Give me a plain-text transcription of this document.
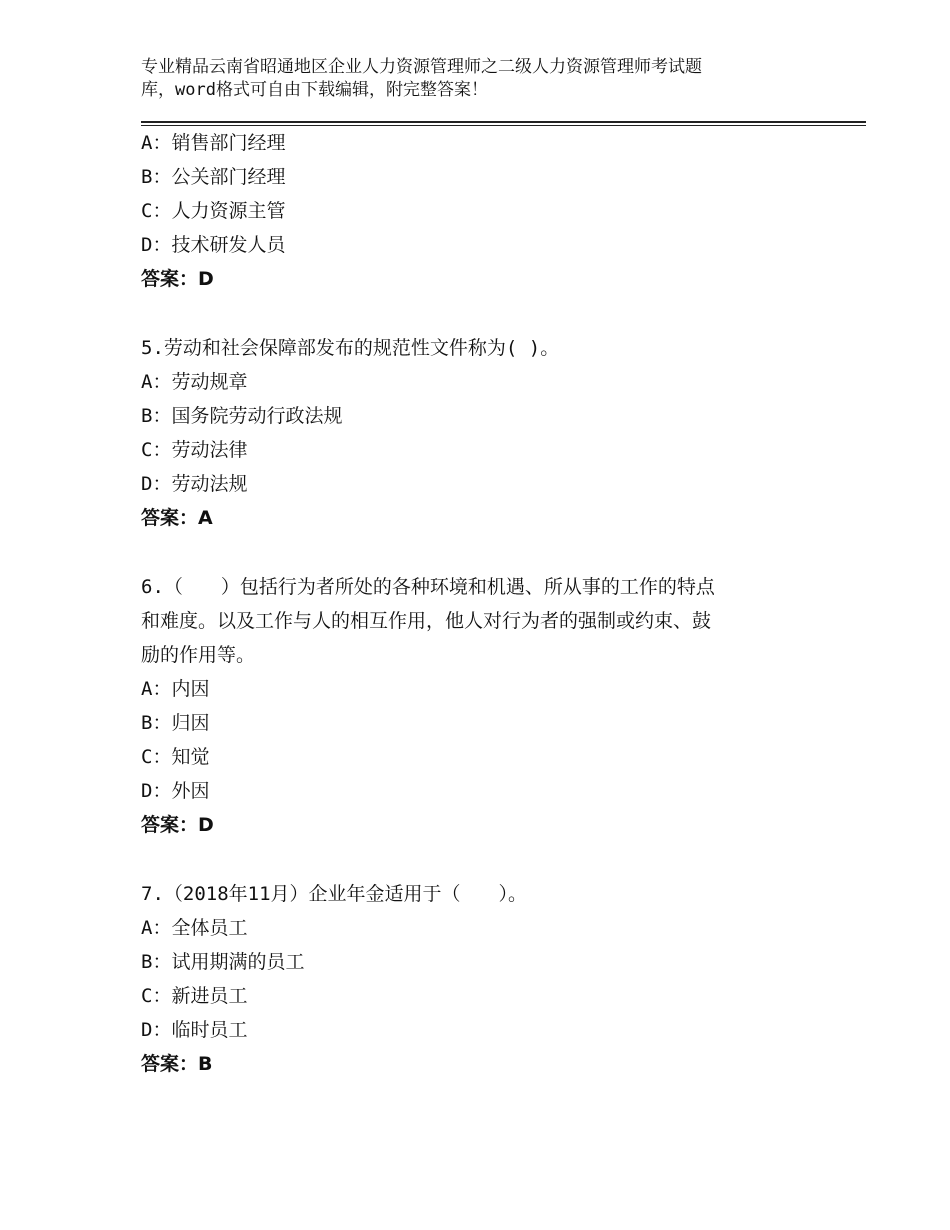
专业精品云南省昭通地区企业人力资源管理师之二级人力资源管理师考试题
库，word格式可自由下载编辑，附完整答案！
A：销售部门经理
B：公关部门经理
C：人力资源主管
D：技术研发人员
答案：D
5.劳动和社会保障部发布的规范性文件称为( )。
A：劳动规章
B：国务院劳动行政法规
C：劳动法律
D：劳动法规
答案：A
6.（　　）包括行为者所处的各种环境和机遇、所从事的工作的特点
和难度。以及工作与人的相互作用，他人对行为者的强制或约束、鼓
励的作用等。
A：内因
B：归因
C：知觉
D：外因
答案：D
7.（2018年11月）企业年金适用于（　　）。
A：全体员工
B：试用期满的员工
C：新进员工
D：临时员工
答案：B
